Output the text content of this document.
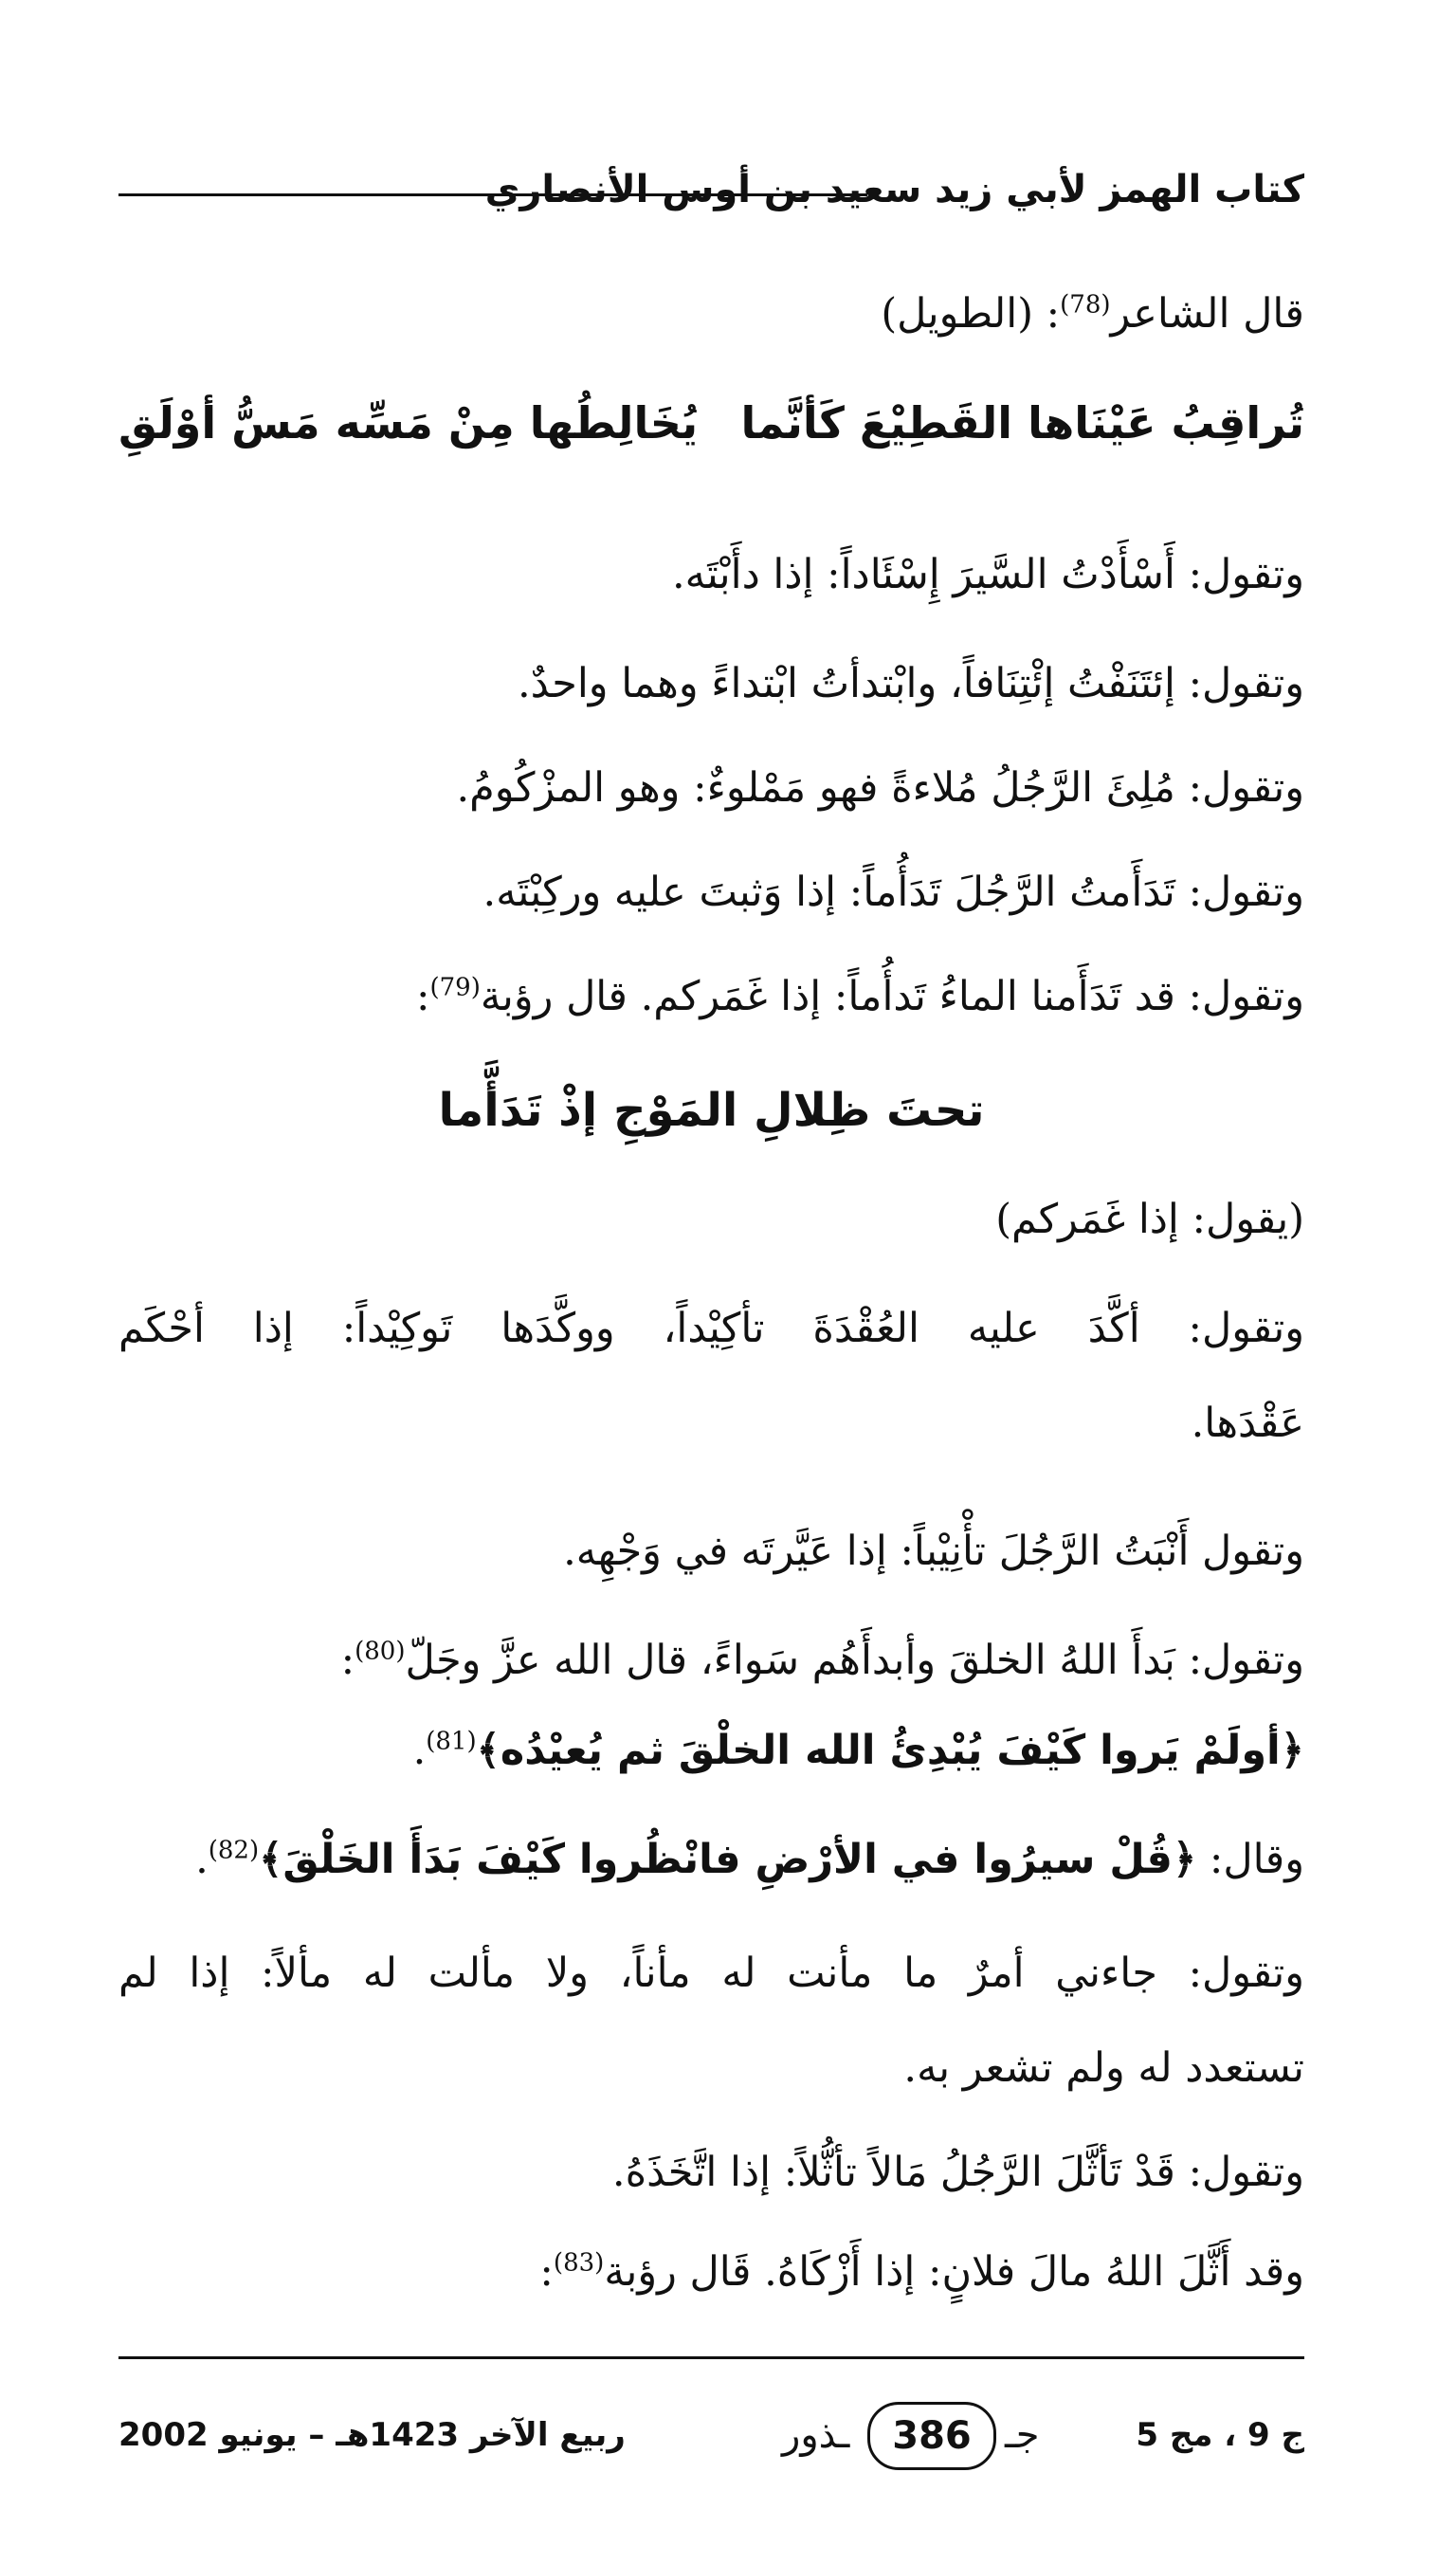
كتاب الهمز لأبي زيد سعيد بن أوس الأنصاري
قال الشاعر$^{(78)}$: (الطويل)
تُراقِبُ عَيْنَاها القَطِيْعَ كَأنَّما
يُخَالِطُها مِنْ مَسِّه مَسُّ أوْلَقِ
وتقول: أَسْأَدْتُ السَّيرَ إِسْئَاداً: إذا دأَبْتَه.
وتقول: إئتَنَفْتُ إئْتِنَافاً، وابْتدأتُ ابْتداءً وهما واحدٌ.
وتقول: مُلِئَ الرَّجُلُ مُلاءةً فهو مَمْلوءٌ: وهو المزْكُومُ.
وتقول: تَدَأَمتُ الرَّجُلَ تَدَأُماً: إذا وَثبتَ عليه وركِبْتَه.
وتقول: قد تَدَأَمنا الماءُ تَدأُماً: إذا غَمَركم. قال رؤبة$^{(79)}$:
تحتَ ظِلالِ المَوْجِ إذْ تَدَأَّما
(يقول: إذا غَمَركم)
وتقول: أكَّدَ عليه العُقْدَةَ تأكِيْداً، ووكَّدَها تَوكِيْداً: إذا أحْكَم
عَقْدَها.
وتقول أَنْبَتُ الرَّجُلَ تأْنِيْباً: إذا عَيَّرتَه في وَجْهِه.
وتقول: بَدأَ اللهُ الخلقَ وأبدأَهُم سَواءً، قال الله عزَّ وجَلّ$^{(80)}$:
﴿أولَمْ يَروا كَيْفَ يُبْدِئُ الله الخلْقَ ثم يُعيْدُه﴾$^{(81)}$.
وقال: ﴿قُلْ سيرُوا في الأرْضِ فانْظُروا كَيْفَ بَدَأَ الخَلْقَ﴾$^{(82)}$.
وتقول: جاءني أمرٌ ما مأنت له مأناً، ولا مألت له مألاً: إذا لم
تستعدد له ولم تشعر به.
وتقول: قَدْ تَأثَّلَ الرَّجُلُ مَالاً تأثُّلاً: إذا اتَّخَذَهُ.
وقد أَثَّلَ اللهُ مالَ فلانٍ: إذا أَزْكَاهُ. قَال رؤبة$^{(83)}$:
ج 9 ، مج 5
جـ
386
ـذور
ربيع الآخر 1423هـ – يونيو 2002
